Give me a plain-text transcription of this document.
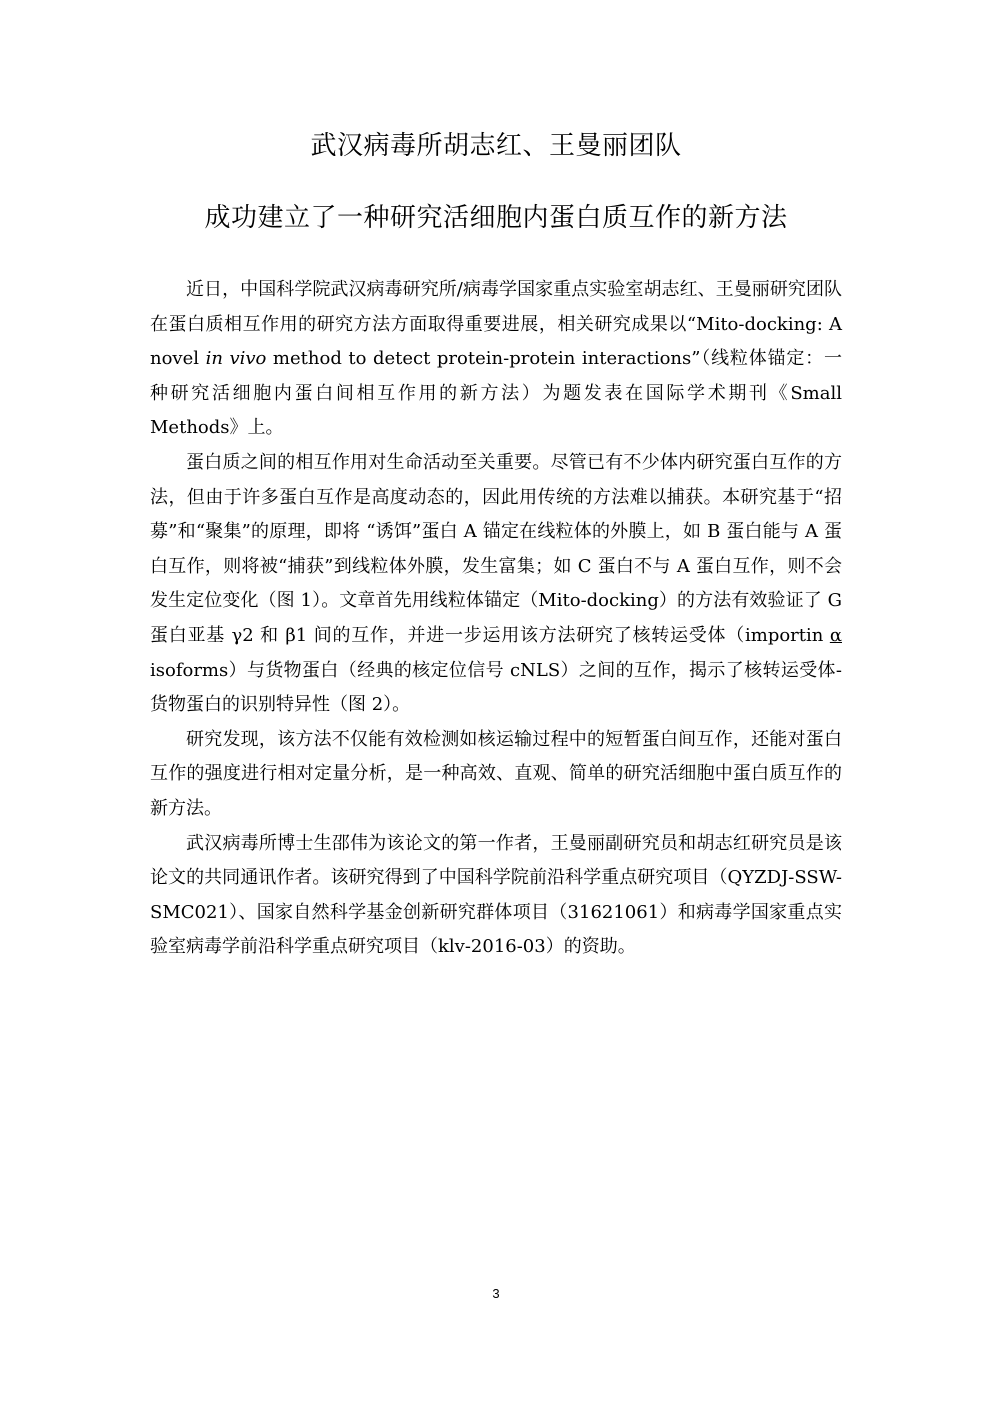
武汉病毒所胡志红、王曼丽团队
成功建立了一种研究活细胞内蛋白质互作的新方法

近日，中国科学院武汉病毒研究所/病毒学国家重点实验室胡志红、王曼丽研究团队在蛋白质相互作用的研究方法方面取得重要进展，相关研究成果以“Mito-docking: A novel in vivo method to detect protein-protein interactions”（线粒体锚定：一种研究活细胞内蛋白间相互作用的新方法）为题发表在国际学术期刊《Small Methods》上。

蛋白质之间的相互作用对生命活动至关重要。尽管已有不少体内研究蛋白互作的方法，但由于许多蛋白互作是高度动态的，因此用传统的方法难以捕获。本研究基于“招募”和“聚集”的原理，即将 “诱饵”蛋白 A 锚定在线粒体的外膜上，如 B 蛋白能与 A 蛋白互作，则将被“捕获”到线粒体外膜，发生富集；如 C 蛋白不与 A 蛋白互作，则不会发生定位变化（图 1）。文章首先用线粒体锚定（Mito-docking）的方法有效验证了 G 蛋白亚基 γ2 和 β1 间的互作，并进一步运用该方法研究了核转运受体（importin α isoforms）与货物蛋白（经典的核定位信号 cNLS）之间的互作，揭示了核转运受体-货物蛋白的识别特异性（图 2）。

研究发现，该方法不仅能有效检测如核运输过程中的短暂蛋白间互作，还能对蛋白互作的强度进行相对定量分析，是一种高效、直观、简单的研究活细胞中蛋白质互作的新方法。

武汉病毒所博士生邵伟为该论文的第一作者，王曼丽副研究员和胡志红研究员是该论文的共同通讯作者。该研究得到了中国科学院前沿科学重点研究项目（QYZDJ-SSW-SMC021）、国家自然科学基金创新研究群体项目（31621061）和病毒学国家重点实验室病毒学前沿科学重点研究项目（klv-2016-03）的资助。

3
